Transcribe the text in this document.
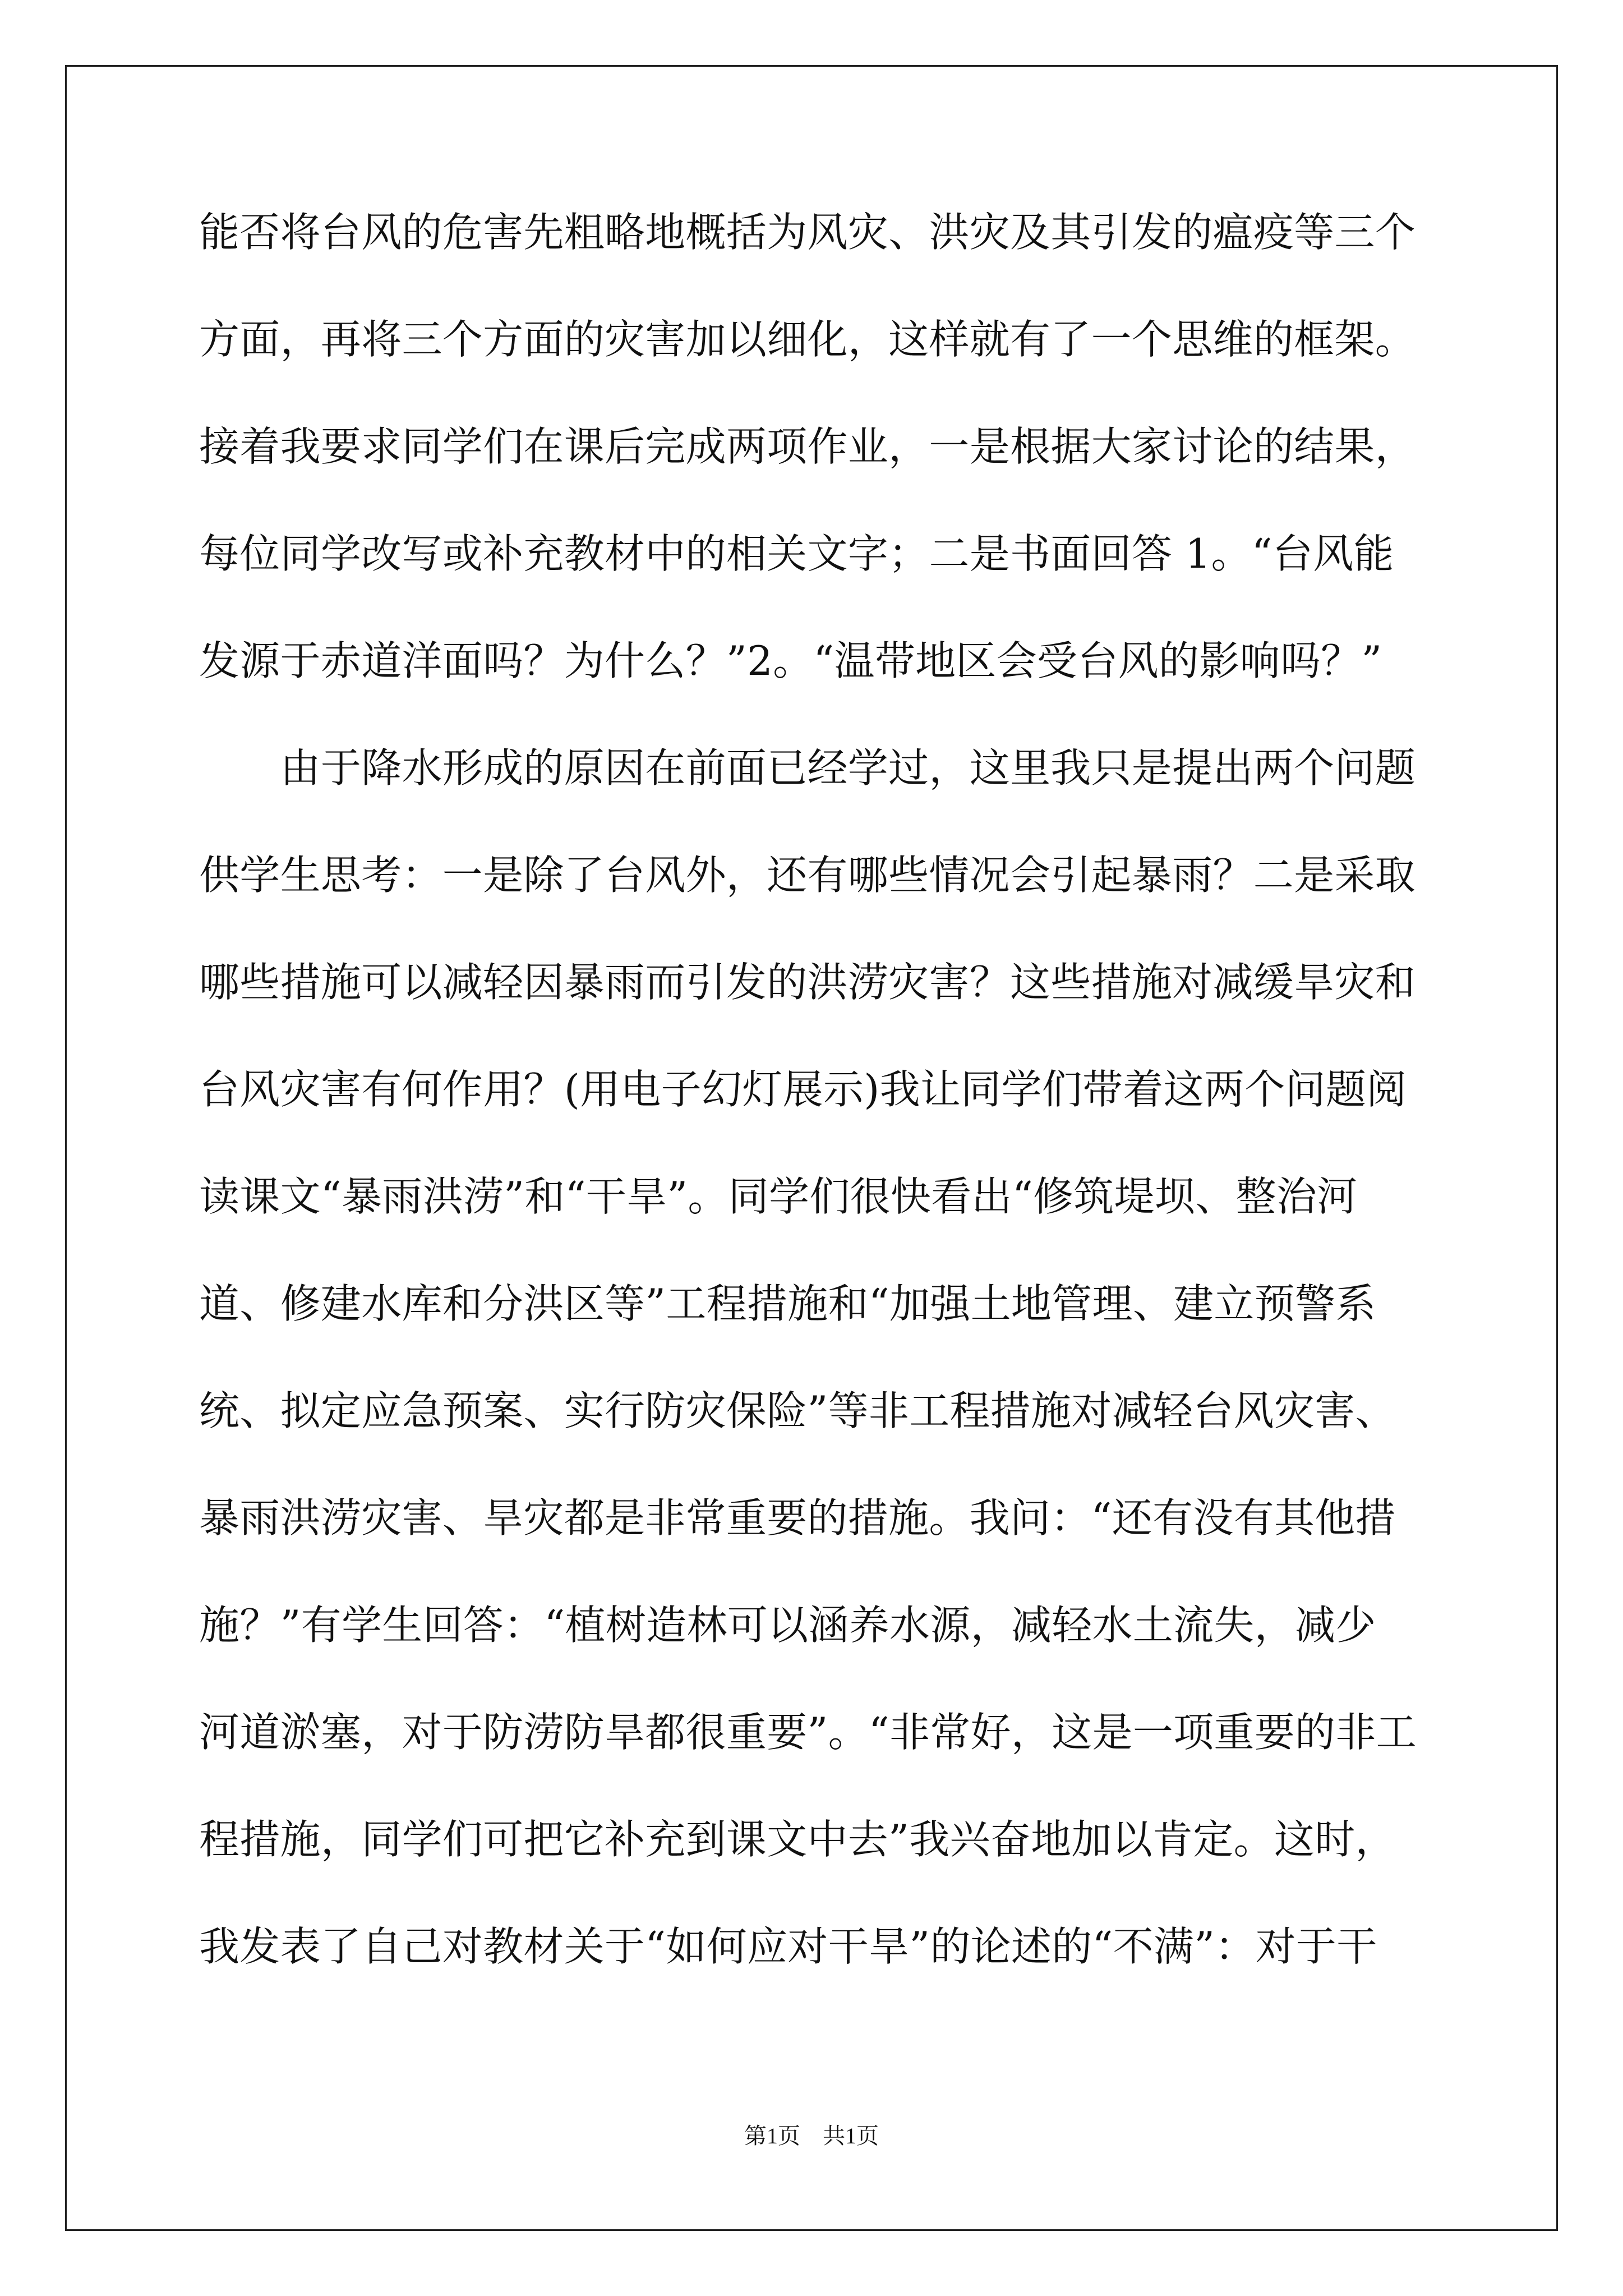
能否将台风的危害先粗略地概括为风灾、洪灾及其引发的瘟疫等三个
方面，再将三个方面的灾害加以细化，这样就有了一个思维的框架。
接着我要求同学们在课后完成两项作业，一是根据大家讨论的结果，
每位同学改写或补充教材中的相关文字；二是书面回答 1。“台风能
发源于赤道洋面吗？为什么？”2。“温带地区会受台风的影响吗？”
　　由于降水形成的原因在前面已经学过，这里我只是提出两个问题
供学生思考：一是除了台风外，还有哪些情况会引起暴雨？二是采取
哪些措施可以减轻因暴雨而引发的洪涝灾害？这些措施对减缓旱灾和
台风灾害有何作用？(用电子幻灯展示)我让同学们带着这两个问题阅
读课文“暴雨洪涝”和“干旱”。同学们很快看出“修筑堤坝、整治河
道、修建水库和分洪区等”工程措施和“加强土地管理、建立预警系
统、拟定应急预案、实行防灾保险”等非工程措施对减轻台风灾害、
暴雨洪涝灾害、旱灾都是非常重要的措施。我问：“还有没有其他措
施？”有学生回答：“植树造林可以涵养水源，减轻水土流失，减少
河道淤塞，对于防涝防旱都很重要”。“非常好，这是一项重要的非工
程措施，同学们可把它补充到课文中去”我兴奋地加以肯定。这时，
我发表了自己对教材关于“如何应对干旱”的论述的“不满”：对于干
第1页　共1页
